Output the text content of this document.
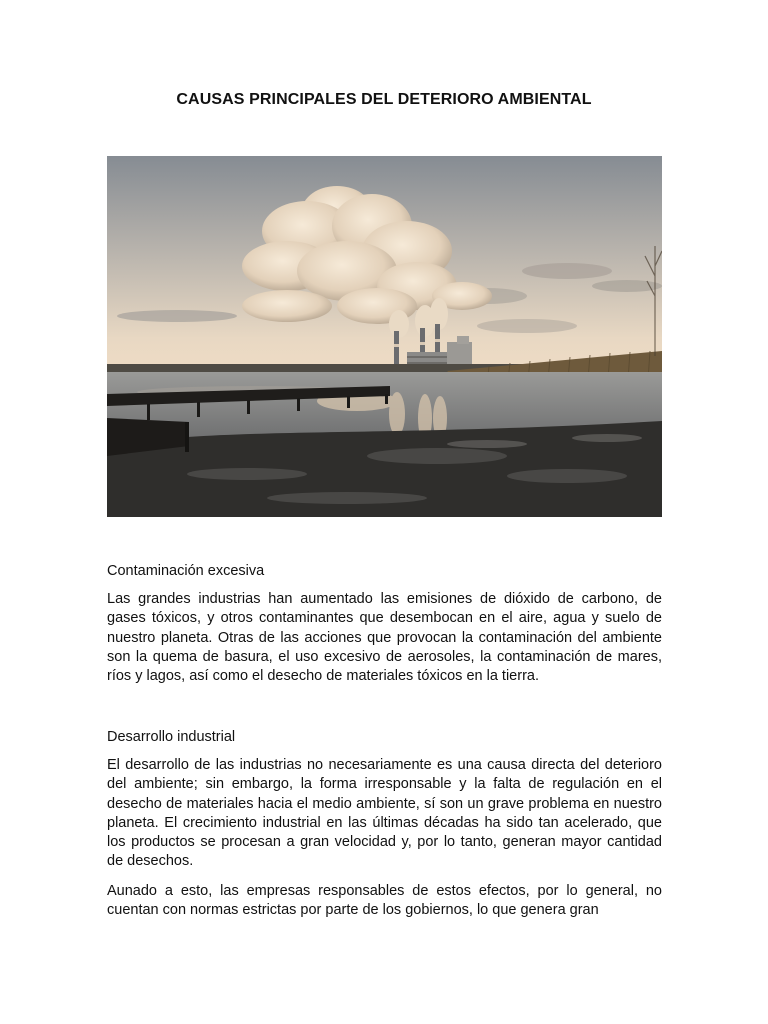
CAUSAS PRINCIPALES DEL DETERIORO AMBIENTAL
Contaminación excesiva

Las grandes industrias han aumentado las emisiones de dióxido de carbono, de gases tóxicos, y otros contaminantes que desembocan en el aire, agua y suelo de nuestro planeta. Otras de las acciones que provocan la contaminación del ambiente son la quema de basura, el uso excesivo de aerosoles, la contaminación de mares, ríos y lagos, así como el desecho de materiales tóxicos en la tierra.

Desarrollo industrial

El desarrollo de las industrias no necesariamente es una causa directa del deterioro del ambiente; sin embargo, la forma irresponsable y la falta de regulación en el desecho de materiales hacia el medio ambiente, sí son un grave problema en nuestro planeta. El crecimiento industrial en las últimas décadas ha sido tan acelerado, que los productos se procesan a gran velocidad y, por lo tanto, generan mayor cantidad de desechos.

Aunado a esto, las empresas responsables de estos efectos, por lo general, no cuentan con normas estrictas por parte de los gobiernos, lo que genera gran
